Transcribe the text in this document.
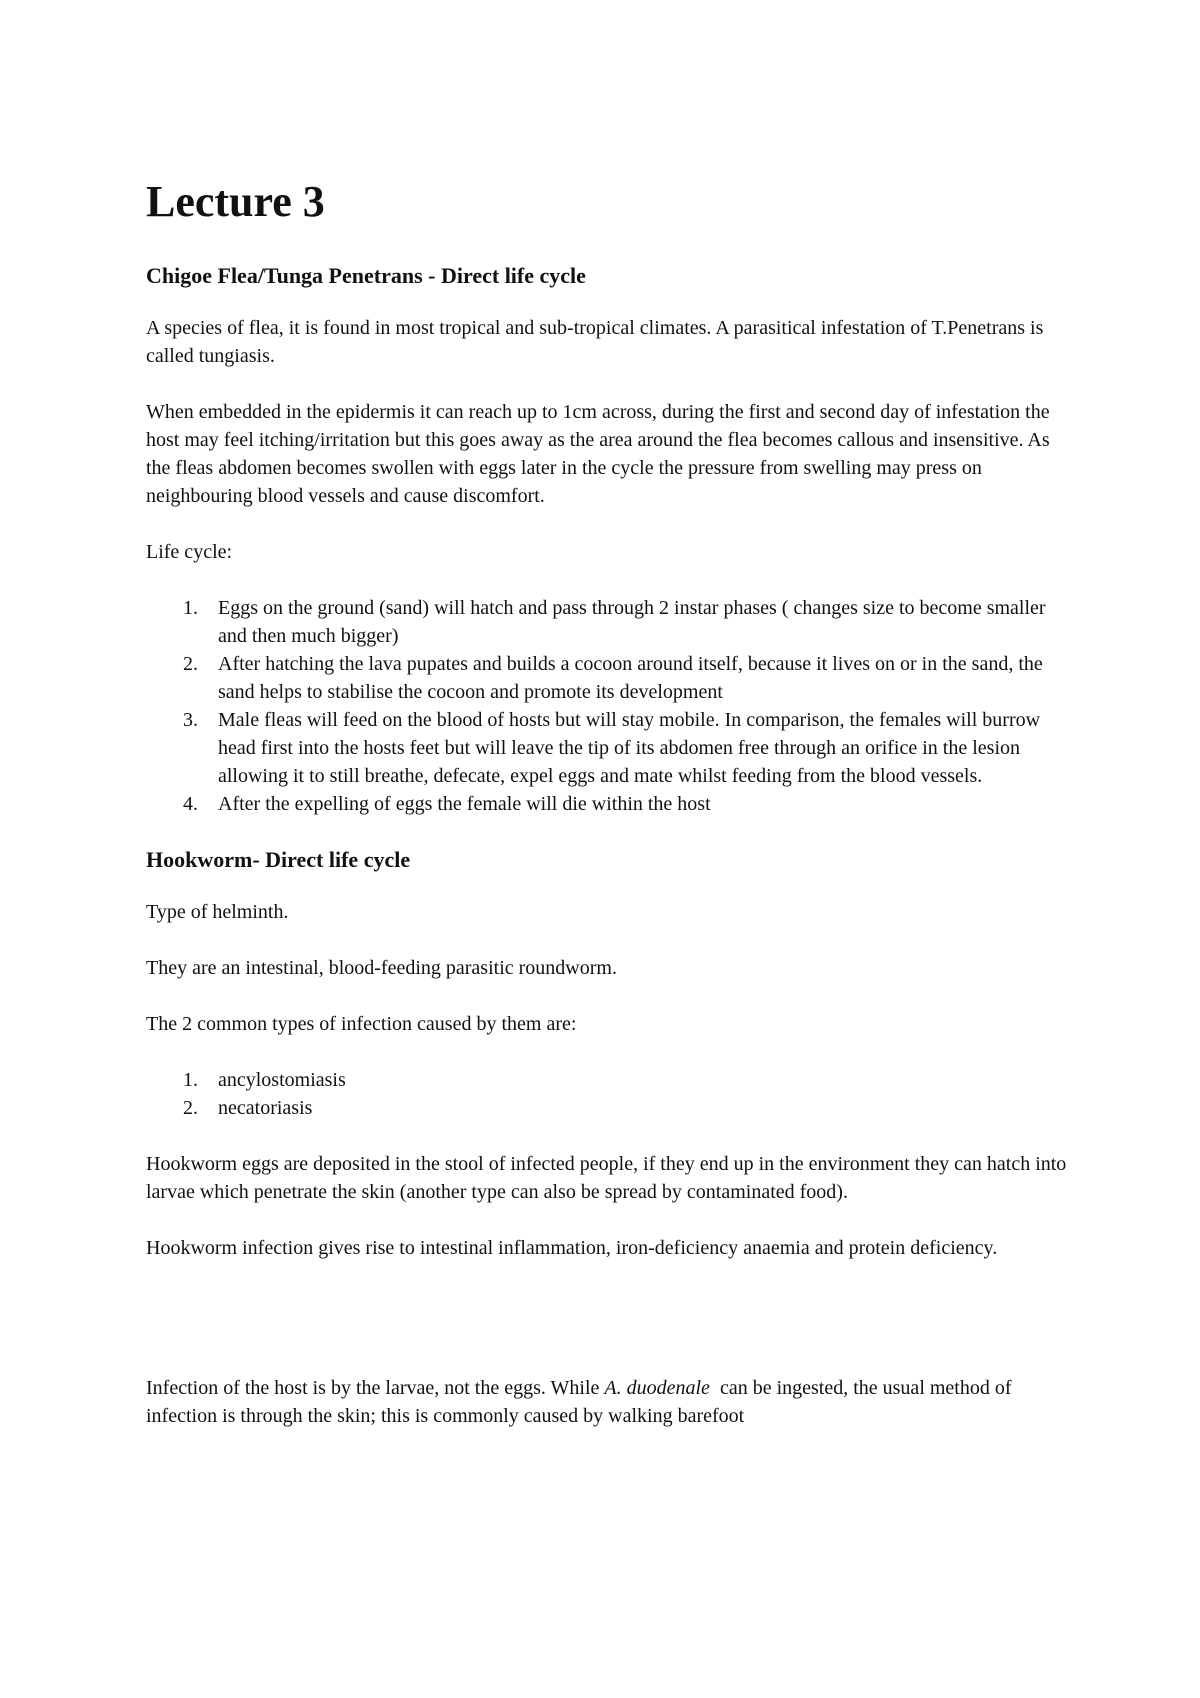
Lecture 3
Chigoe Flea/Tunga Penetrans - Direct life cycle

A species of flea, it is found in most tropical and sub-tropical climates. A parasitical infestation of T.Penetrans is called tungiasis.

When embedded in the epidermis it can reach up to 1cm across, during the first and second day of infestation the host may feel itching/irritation but this goes away as the area around the flea becomes callous and insensitive. As the fleas abdomen becomes swollen with eggs later in the cycle the pressure from swelling may press on neighbouring blood vessels and cause discomfort.

Life cycle:

1. Eggs on the ground (sand) will hatch and pass through 2 instar phases ( changes size to become smaller and then much bigger)
2. After hatching the lava pupates and builds a cocoon around itself, because it lives on or in the sand, the sand helps to stabilise the cocoon and promote its development
3. Male fleas will feed on the blood of hosts but will stay mobile. In comparison, the females will burrow head first into the hosts feet but will leave the tip of its abdomen free through an orifice in the lesion allowing it to still breathe, defecate, expel eggs and mate whilst feeding from the blood vessels.
4. After the expelling of eggs the female will die within the host
Hookworm- Direct life cycle

Type of helminth.

They are an intestinal, blood-feeding parasitic roundworm.

The 2 common types of infection caused by them are:

1. ancylostomiasis
2. necatoriasis

Hookworm eggs are deposited in the stool of infected people, if they end up in the environment they can hatch into larvae which penetrate the skin (another type can also be spread by contaminated food).

Hookworm infection gives rise to intestinal inflammation, iron-deficiency anaemia and protein deficiency.

Infection of the host is by the larvae, not the eggs. While A. duodenale  can be ingested, the usual method of infection is through the skin; this is commonly caused by walking barefoot
